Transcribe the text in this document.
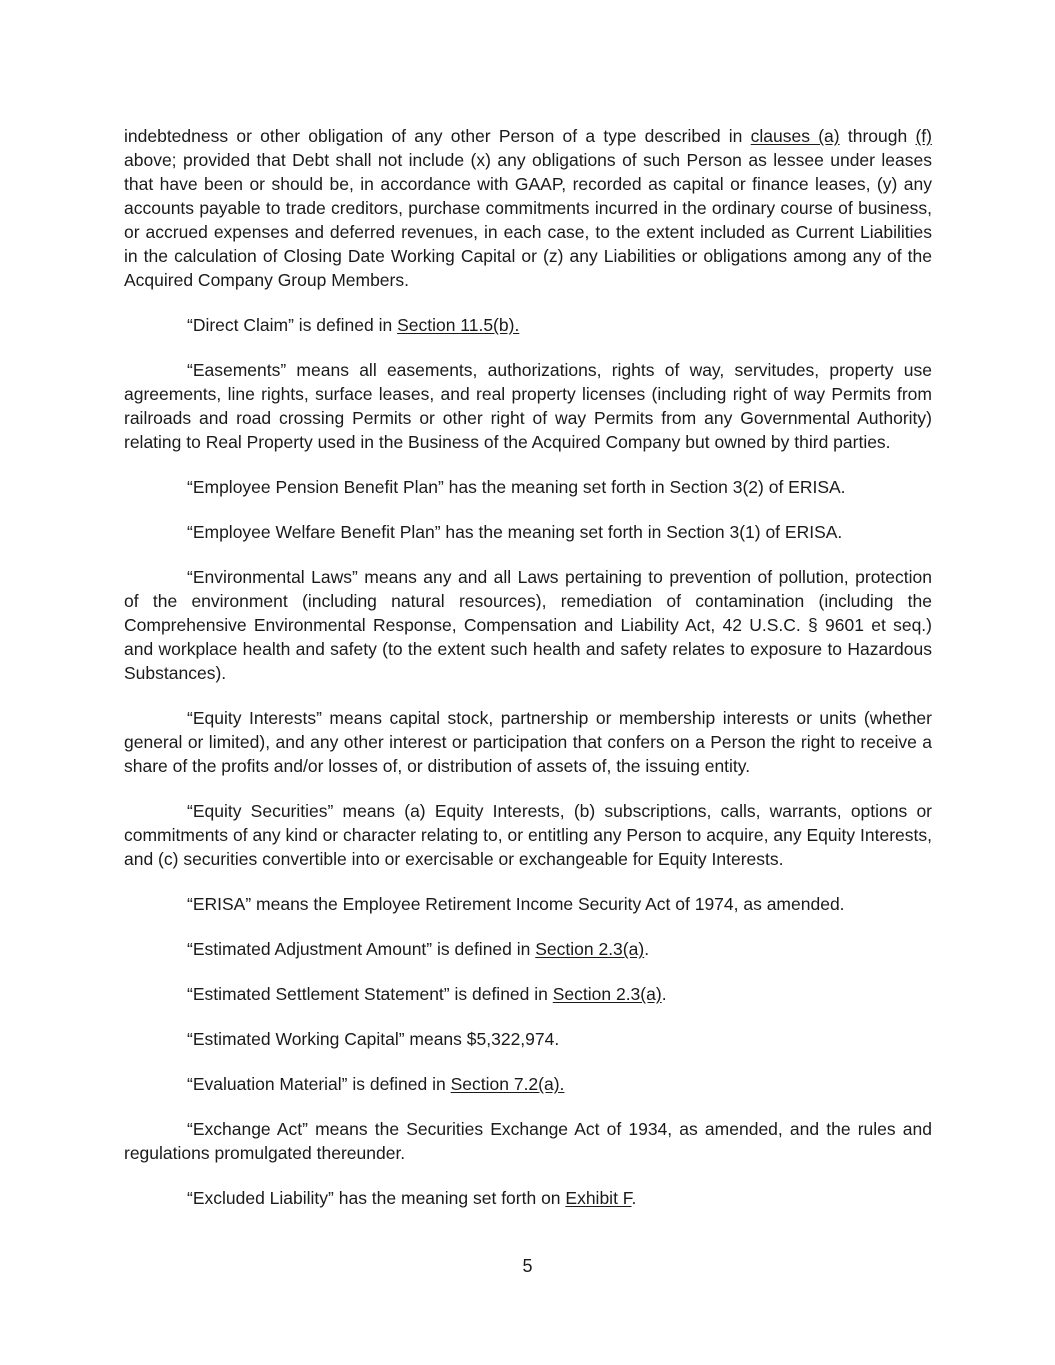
indebtedness or other obligation of any other Person of a type described in clauses (a) through (f) above; provided that Debt shall not include (x) any obligations of such Person as lessee under leases that have been or should be, in accordance with GAAP, recorded as capital or finance leases, (y) any accounts payable to trade creditors, purchase commitments incurred in the ordinary course of business, or accrued expenses and deferred revenues, in each case, to the extent included as Current Liabilities in the calculation of Closing Date Working Capital or (z) any Liabilities or obligations among any of the Acquired Company Group Members.

“Direct Claim” is defined in Section 11.5(b).

“Easements” means all easements, authorizations, rights of way, servitudes, property use agreements, line rights, surface leases, and real property licenses (including right of way Permits from railroads and road crossing Permits or other right of way Permits from any Governmental Authority) relating to Real Property used in the Business of the Acquired Company but owned by third parties.

“Employee Pension Benefit Plan” has the meaning set forth in Section 3(2) of ERISA.

“Employee Welfare Benefit Plan” has the meaning set forth in Section 3(1) of ERISA.

“Environmental Laws” means any and all Laws pertaining to prevention of pollution, protection of the environment (including natural resources), remediation of contamination (including the Comprehensive Environmental Response, Compensation and Liability Act, 42 U.S.C. § 9601 et seq.) and workplace health and safety (to the extent such health and safety relates to exposure to Hazardous Substances).

“Equity Interests” means capital stock, partnership or membership interests or units (whether general or limited), and any other interest or participation that confers on a Person the right to receive a share of the profits and/or losses of, or distribution of assets of, the issuing entity.

“Equity Securities” means (a) Equity Interests, (b) subscriptions, calls, warrants, options or commitments of any kind or character relating to, or entitling any Person to acquire, any Equity Interests, and (c) securities convertible into or exercisable or exchangeable for Equity Interests.

“ERISA” means the Employee Retirement Income Security Act of 1974, as amended.

“Estimated Adjustment Amount” is defined in Section 2.3(a).

“Estimated Settlement Statement” is defined in Section 2.3(a).

“Estimated Working Capital” means $5,322,974.

“Evaluation Material” is defined in Section 7.2(a).

“Exchange Act” means the Securities Exchange Act of 1934, as amended, and the rules and regulations promulgated thereunder.

“Excluded Liability” has the meaning set forth on Exhibit F.

5
